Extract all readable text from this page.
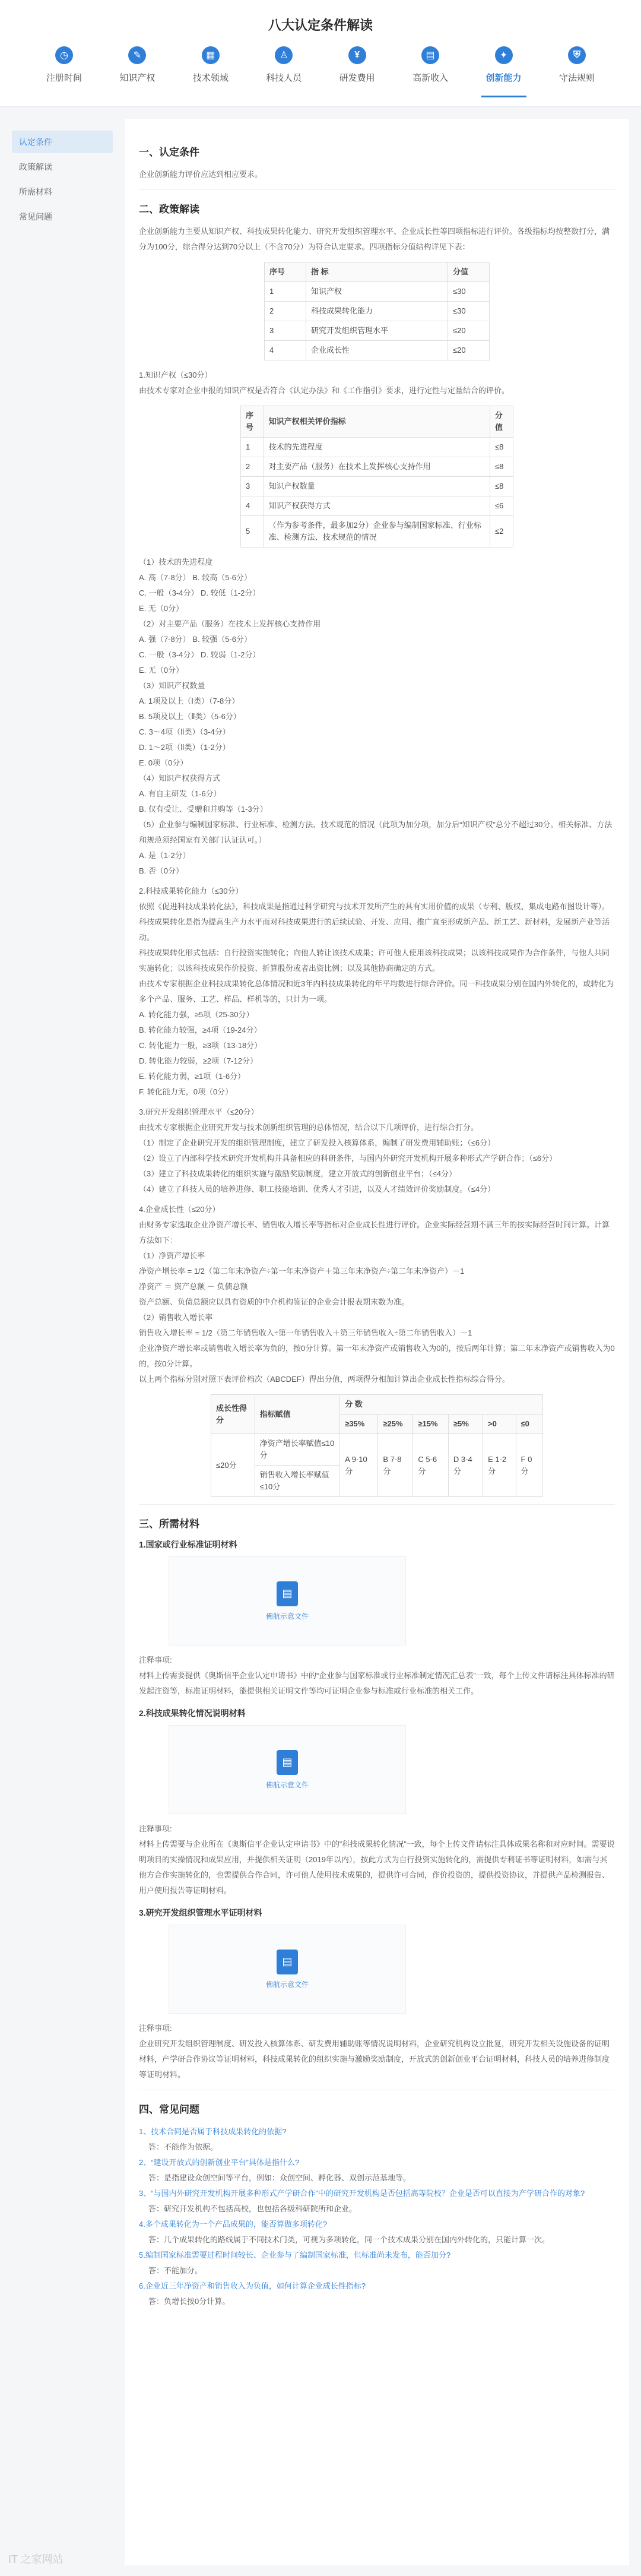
八大认定条件解读
◷
注册时间
✎
知识产权
▦
技术领域
♙
科技人员
¥
研发费用
▤
高新收入
✦
创新能力
⛨
守法规则
认定条件
政策解读
所需材料
常见问题
一、认定条件

企业创新能力评价应达到相应要求。

二、政策解读

企业创新能力主要从知识产权、科技成果转化能力、研究开发组织管理水平、企业成长性等四项指标进行评价。各级指标均按整数打分，满分为100分，综合得分达到70分以上（不含70分）为符合认定要求。四项指标分值结构详见下表：

序号	指 标	分值
1	知识产权	≤30
2	科技成果转化能力	≤30
3	研究开发组织管理水平	≤20
4	企业成长性	≤20

1.知识产权（≤30分）

由技术专家对企业申报的知识产权是否符合《认定办法》和《工作指引》要求，进行定性与定量结合的评价。

序号	知识产权相关评价指标	分值
1	技术的先进程度	≤8
2	对主要产品（服务）在技术上发挥核心支持作用	≤8
3	知识产权数量	≤8
4	知识产权获得方式	≤6
5	（作为参考条件，最多加2分）企业参与编制国家标准、行业标准、检测方法、技术规范的情况	≤2

（1）技术的先进程度

A. 高（7-8分） B. 较高（5-6分）

C. 一般（3-4分） D. 较低（1-2分）

E. 无（0分）

（2）对主要产品（服务）在技术上发挥核心支持作用

A. 强（7-8分） B. 较强（5-6分）

C. 一般（3-4分） D. 较弱（1-2分）

E. 无（0分）

（3）知识产权数量

A. 1项及以上（Ⅰ类）（7-8分）

B. 5项及以上（Ⅱ类）（5-6分）

C. 3～4项（Ⅱ类）（3-4分）

D. 1～2项（Ⅱ类）（1-2分）

E. 0项（0分）

（4）知识产权获得方式

A. 有自主研发（1-6分）

B. 仅有受让、受赠和并购等（1-3分）

（5）企业参与编制国家标准、行业标准、检测方法、技术规范的情况（此项为加分项，加分后“知识产权”总分不超过30分。相关标准、方法和规范须经国家有关部门认证认可。）

A. 是（1-2分）

B. 否（0分）

2.科技成果转化能力（≤30分）

依照《促进科技成果转化法》，科技成果是指通过科学研究与技术开发所产生的具有实用价值的成果（专利、版权、集成电路布图设计等）。科技成果转化是指为提高生产力水平而对科技成果进行的后续试验、开发、应用、推广直至形成新产品、新工艺、新材料，发展新产业等活动。

科技成果转化形式包括：自行投资实施转化；向他人转让该技术成果；许可他人使用该科技成果；以该科技成果作为合作条件，与他人共同实施转化；以该科技成果作价投资、折算股份或者出资比例；以及其他协商确定的方式。

由技术专家根据企业科技成果转化总体情况和近3年内科技成果转化的年平均数进行综合评价。同一科技成果分别在国内外转化的，或转化为多个产品、服务、工艺、样品、样机等的，只计为一项。

A. 转化能力强，≥5项（25-30分）

B. 转化能力较强，≥4项（19-24分）

C. 转化能力一般，≥3项（13-18分）

D. 转化能力较弱，≥2项（7-12分）

E. 转化能力弱，≥1项（1-6分）

F. 转化能力无，0项（0分）

3.研究开发组织管理水平（≤20分）

由技术专家根据企业研究开发与技术创新组织管理的总体情况，结合以下几项评价，进行综合打分。

（1）制定了企业研究开发的组织管理制度，建立了研发投入核算体系，编制了研发费用辅助账；（≤6分）

（2）设立了内部科学技术研究开发机构并具备相应的科研条件，与国内外研究开发机构开展多种形式产学研合作；（≤6分）

（3）建立了科技成果转化的组织实施与激励奖励制度，建立开放式的创新创业平台；（≤4分）

（4）建立了科技人员的培养进修、职工技能培训、优秀人才引进，以及人才绩效评价奖励制度。（≤4分）

4.企业成长性（≤20分）

由财务专家选取企业净资产增长率、销售收入增长率等指标对企业成长性进行评价。企业实际经营期不满三年的按实际经营时间计算。计算方法如下：

（1）净资产增长率

净资产增长率 = 1/2（第二年末净资产÷第一年末净资产＋第三年末净资产÷第二年末净资产）－1

净资产 ＝ 资产总额 － 负债总额

资产总额、负债总额应以具有资质的中介机构鉴证的企业会计报表期末数为准。

（2）销售收入增长率

销售收入增长率 = 1/2（第二年销售收入÷第一年销售收入＋第三年销售收入÷第二年销售收入）－1

企业净资产增长率或销售收入增长率为负的，按0分计算。第一年末净资产或销售收入为0的，按后两年计算；第二年末净资产或销售收入为0的，按0分计算。

以上两个指标分别对照下表评价档次（ABCDEF）得出分值，两项得分相加计算出企业成长性指标综合得分。

成长性得分	指标赋值	分 数					
		≥35%	≥25%	≥15%	≥5%	>0	≤0
≤20分	净资产增长率赋值≤10分	A 9-10分	B 7-8分	C 5-6分	D 3-4分	E 1-2分	F 0分
	销售收入增长率赋值≤10分						
三、所需材料
1.国家或行业标准证明材料
▤
佛航示意文件

注释事项:

材料上传需要提供《奥斯信平企业认定申请书》中的“企业参与国家标准或行业标准制定情况汇总表”一致，每个上传文件请标注具体标准的研发起注资等，标准证明材料，能提供相关证明文件等均可证明企业参与标准或行业标准的相关工作。

2.科技成果转化情况说明材料
▤
佛航示意文件

注释事项:

材料上传需要与企业所在《奥斯信平企业认定申请书》中的“科技成果转化情况”一致，每个上传文件请标注具体成果名称和对应时间。需要说明项目的实操情况和成果应用，并提供相关证明（2019年以内），按此方式为自行投资实施转化的，需提供专利证书等证明材料，如需与其他方合作实施转化的，也需提供合作合同，许可他人使用技术成果的，提供许可合同，作价投资的，提供投资协议，并提供产品检测报告、用户使用报告等证明材料。

3.研究开发组织管理水平证明材料
▤
佛航示意文件

注释事项:

企业研究开发组织管理制度、研发投入核算体系、研发费用辅助账等情况说明材料，企业研究机构设立批复，研究开发相关设施设备的证明材料，产学研合作协议等证明材料，科技成果转化的组织实施与激励奖励制度，开放式的创新创业平台证明材料，科技人员的培养进修制度等证明材料。

四、常见问题

1、技术合同是否属于科技成果转化的依据?

答：不能作为依据。

2、“建设开放式的创新创业平台”具体是指什么?

答：是指建设众创空间等平台，例如：众创空间、孵化器、双创示范基地等。

3、“与国内外研究开发机构开展多种形式产学研合作”中的研究开发机构是否包括高等院校？企业是否可以直接为产学研合作的对象?

答：研究开发机构不包括高校，也包括各级科研院所和企业。

4.多个成果转化为一个产品成果的，能否算做多项转化?

答：几个成果转化的路线属于不同技术门类，可视为多项转化，同一个技术成果分别在国内外转化的，只能计算一次。

5.编制国家标准需要过程时间较长、企业参与了编制国家标准，但标准尚未发布，能否加分?

答：不能加分。

6.企业近三年净资产和销售收入为负值，如何计算企业成长性指标?

答：负增长按0分计算。

IT 之家网站
